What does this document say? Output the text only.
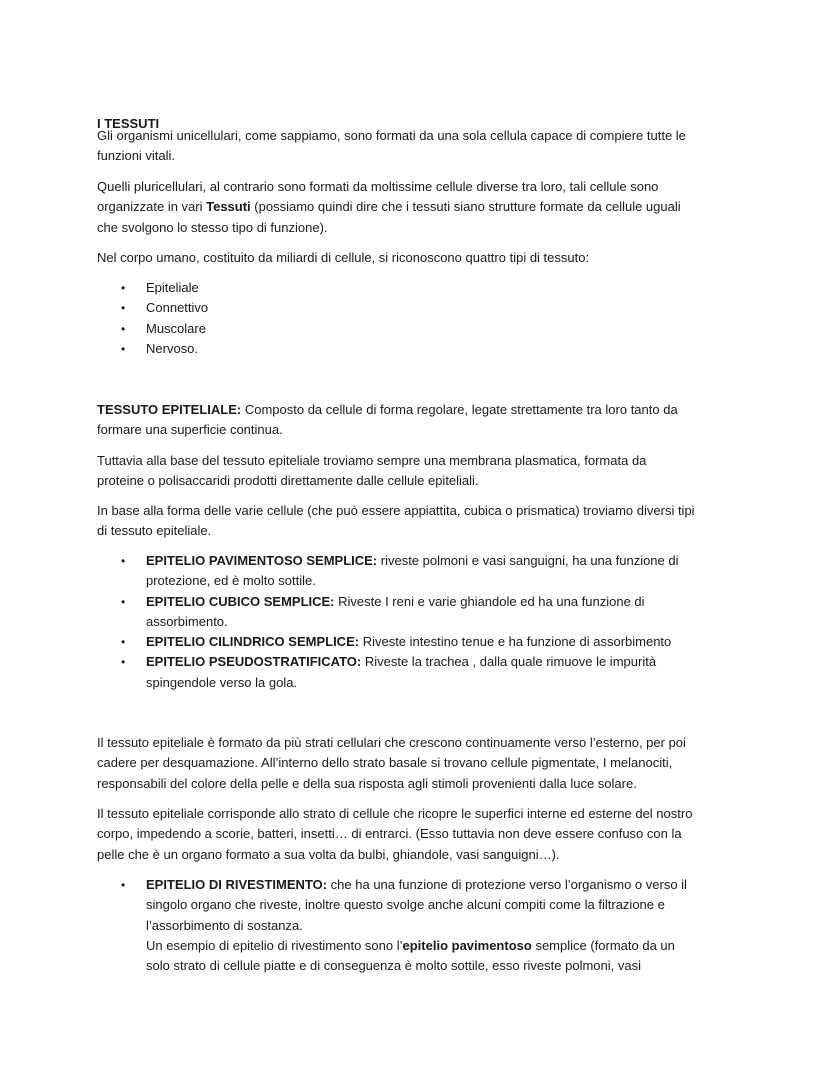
I TESSUTI
Gli organismi unicellulari, come sappiamo, sono formati da una sola cellula capace di compiere tutte le
funzioni vitali.
Quelli pluricellulari, al contrario sono formati da moltissime cellule diverse tra loro, tali cellule sono
organizzate in vari Tessuti (possiamo quindi dire che i tessuti siano strutture formate da cellule uguali
che svolgono lo stesso tipo di funzione).
Nel corpo umano, costituito da miliardi di cellule, si riconoscono quattro tipi di tessuto:
Epiteliale
•
Connettivo
•
Muscolare
•
Nervoso.
•
TESSUTO EPITELIALE: Composto da cellule di forma regolare, legate strettamente tra loro tanto da
formare una superficie continua.
Tuttavia alla base del tessuto epiteliale troviamo sempre una membrana plasmatica, formata da
proteine o polisaccaridi prodotti direttamente dalle cellule epiteliali.
In base alla forma delle varie cellule (che può essere appiattita, cubica o prismatica) troviamo diversi tipi
di tessuto epiteliale.
EPITELIO PAVIMENTOSO SEMPLICE: riveste polmoni e vasi sanguigni, ha una funzione di
•
protezione, ed è molto sottile.
EPITELIO CUBICO SEMPLICE: Riveste I reni e varie ghiandole ed ha una funzione di
•
assorbimento.
EPITELIO CILINDRICO SEMPLICE: Riveste intestino tenue e ha funzione di assorbimento
•
EPITELIO PSEUDOSTRATIFICATO: Riveste la trachea , dalla quale rimuove le impurità
•
spingendole verso la gola.
Il tessuto epiteliale è formato da più strati cellulari che crescono continuamente verso l’esterno, per poi
cadere per desquamazione. All’interno dello strato basale si trovano cellule pigmentate, I melanociti,
responsabili del colore della pelle e della sua risposta agli stimoli provenienti dalla luce solare.
Il tessuto epiteliale corrisponde allo strato di cellule che ricopre le superfici interne ed esterne del nostro
corpo, impedendo a scorie, batteri, insetti… di entrarci. (Esso tuttavia non deve essere confuso con la
pelle che è un organo formato a sua volta da bulbi, ghiandole, vasi sanguigni…).
EPITELIO DI RIVESTIMENTO: che ha una funzione di protezione verso l’organismo o verso il
•
singolo organo che riveste, inoltre questo svolge anche alcuni compiti come la filtrazione e
l’assorbimento di sostanza.
Un esempio di epitelio di rivestimento sono l’epitelio pavimentoso semplice (formato da un
solo strato di cellule piatte e di conseguenza è molto sottile, esso riveste polmoni, vasi
